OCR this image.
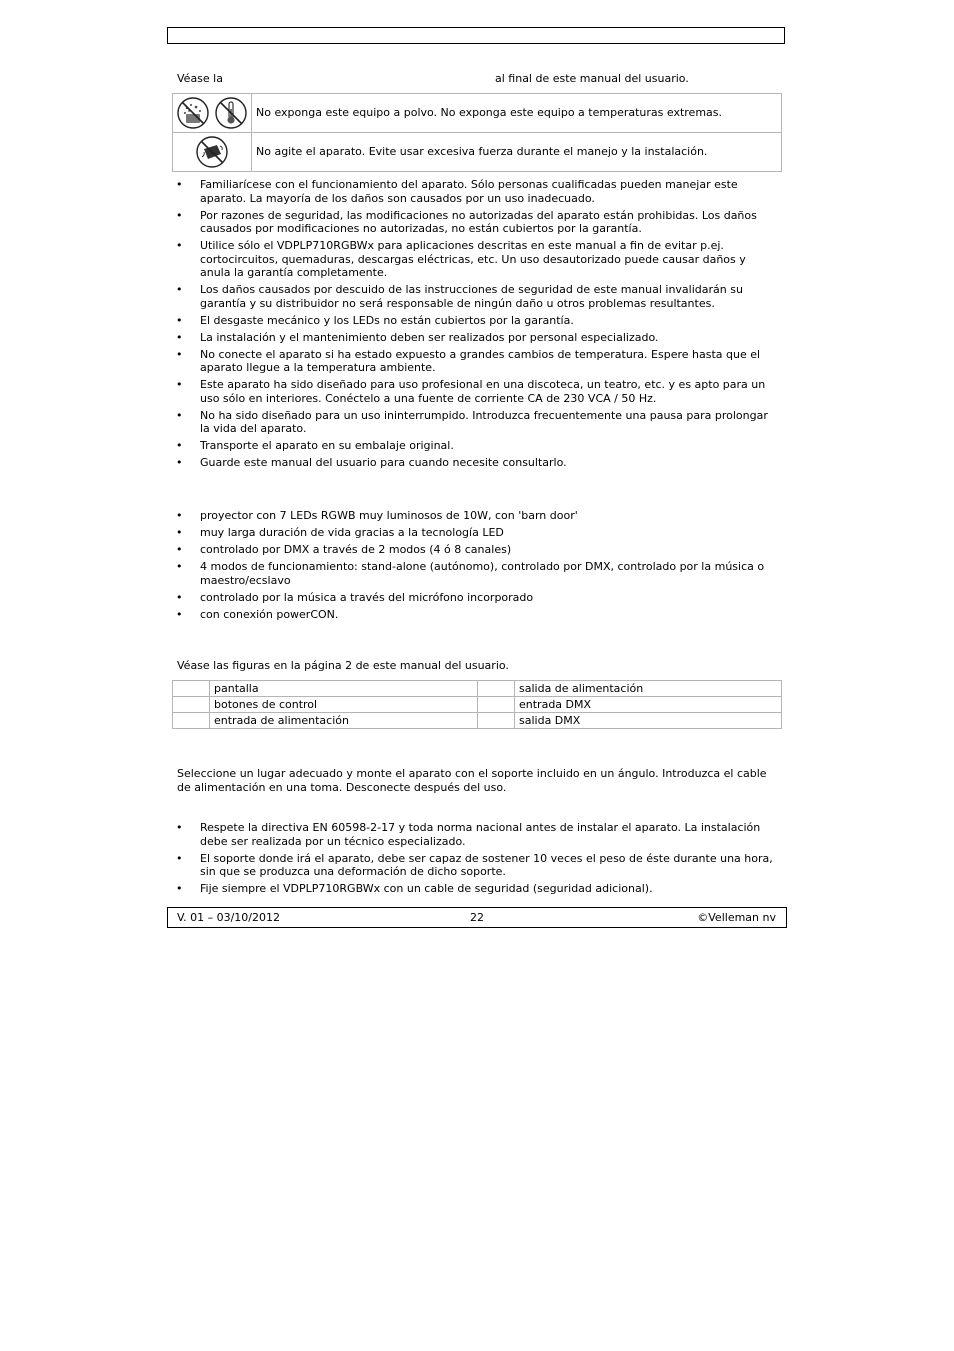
Véase la	al final de este manual del usuario.
	No exponga este equipo a polvo. No exponga este equipo a temperaturas extremas.
	No agite el aparato. Evite usar excesiva fuerza durante el manejo y la instalación.
• Familiarícese con el funcionamiento del aparato. Sólo personas cualificadas pueden manejar este aparato. La mayoría de los daños son causados por un uso inadecuado.
• Por razones de seguridad, las modificaciones no autorizadas del aparato están prohibidas. Los daños causados por modificaciones no autorizadas, no están cubiertos por la garantía.
• Utilice sólo el VDPLP710RGBWx para aplicaciones descritas en este manual a fin de evitar p.ej. cortocircuitos, quemaduras, descargas eléctricas, etc. Un uso desautorizado puede causar daños y anula la garantía completamente.
• Los daños causados por descuido de las instrucciones de seguridad de este manual invalidarán su garantía y su distribuidor no será responsable de ningún daño u otros problemas resultantes.
• El desgaste mecánico y los LEDs no están cubiertos por la garantía.
• La instalación y el mantenimiento deben ser realizados por personal especializado.
• No conecte el aparato si ha estado expuesto a grandes cambios de temperatura. Espere hasta que el aparato llegue a la temperatura ambiente.
• Este aparato ha sido diseñado para uso profesional en una discoteca, un teatro, etc. y es apto para un uso sólo en interiores. Conéctelo a una fuente de corriente CA de 230 VCA / 50 Hz.
• No ha sido diseñado para un uso ininterrumpido. Introduzca frecuentemente una pausa para prolongar la vida del aparato.
• Transporte el aparato en su embalaje original.
• Guarde este manual del usuario para cuando necesite consultarlo.
• proyector con 7 LEDs RGWB muy luminosos de 10W, con 'barn door'
• muy larga duración de vida gracias a la tecnología LED
• controlado por DMX a través de 2 modos (4 ó 8 canales)
• 4 modos de funcionamiento: stand-alone (autónomo), controlado por DMX, controlado por la música o maestro/ecslavo
• controlado por la música a través del micrófono incorporado
• con conexión powerCON.
Véase las figuras en la página 2 de este manual del usuario.
	pantalla		salida de alimentación
	botones de control		entrada DMX
	entrada de alimentación		salida DMX
Seleccione un lugar adecuado y monte el aparato con el soporte incluido en un ángulo. Introduzca el cable de alimentación en una toma. Desconecte después del uso.
• Respete la directiva EN 60598-2-17 y toda norma nacional antes de instalar el aparato. La instalación debe ser realizada por un técnico especializado.
• El soporte donde irá el aparato, debe ser capaz de sostener 10 veces el peso de éste durante una hora, sin que se produzca una deformación de dicho soporte.
• Fije siempre el VDPLP710RGBWx con un cable de seguridad (seguridad adicional).
V. 01 – 03/10/2012	22	©Velleman nv
